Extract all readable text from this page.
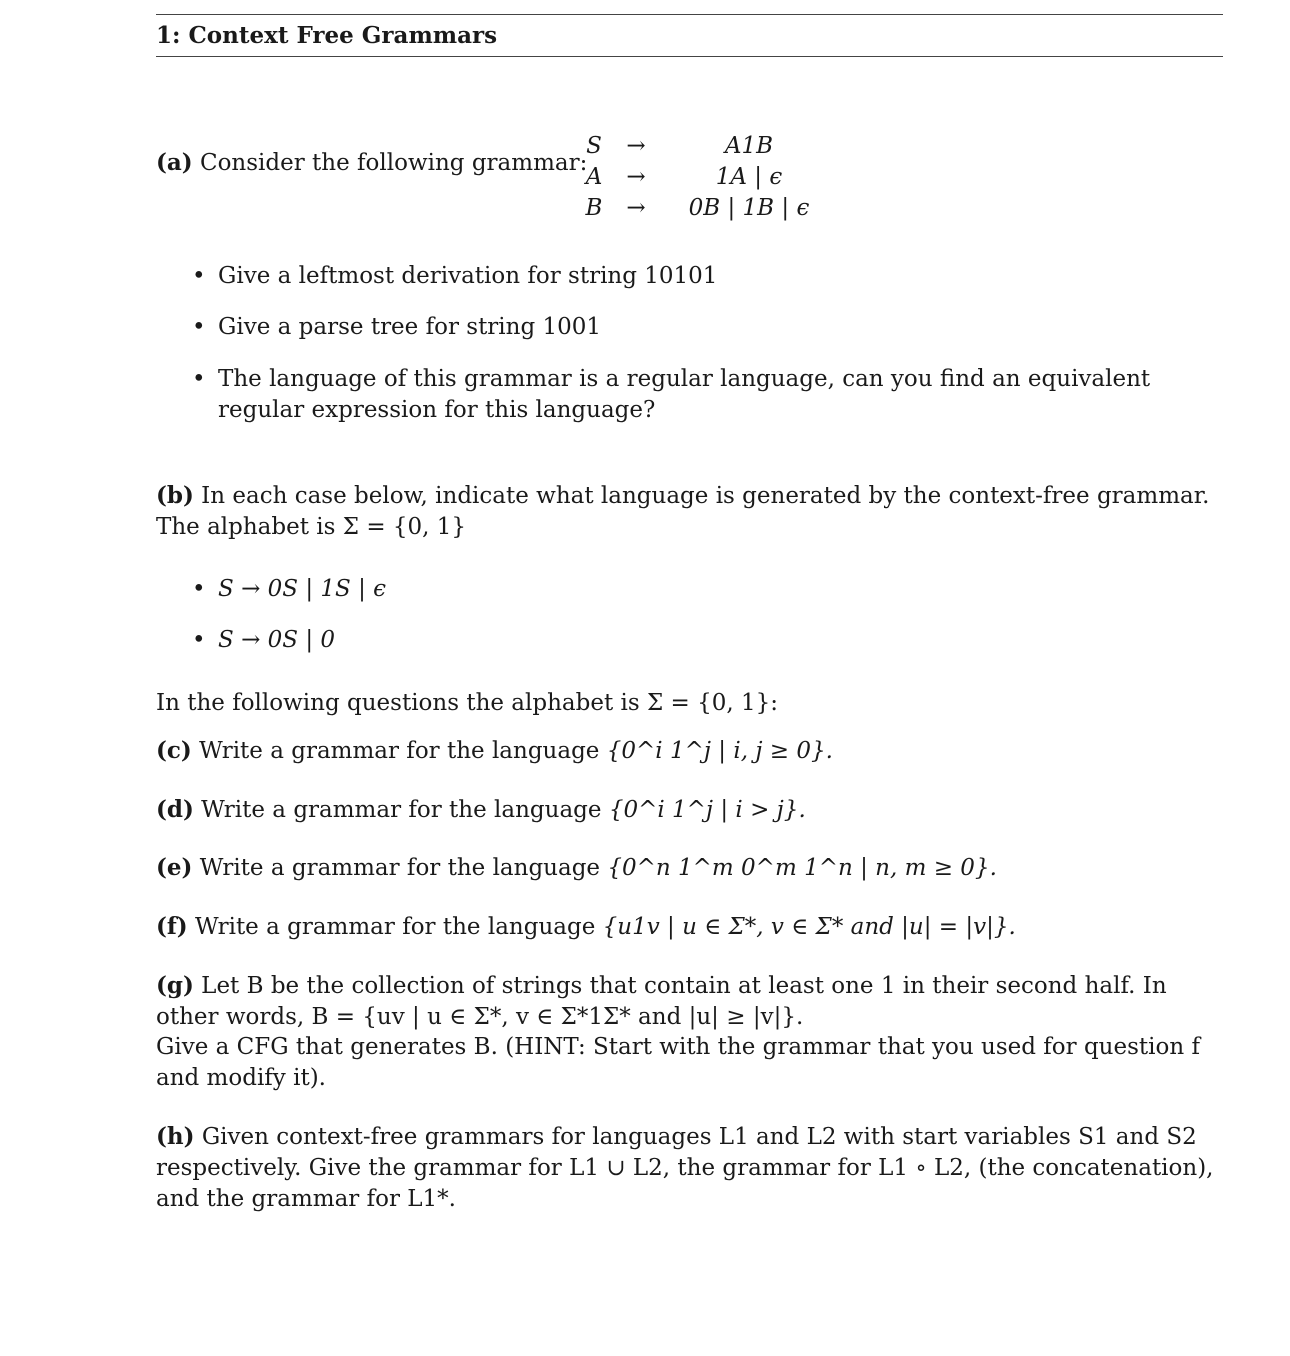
1: Context Free Grammars
(a) Consider the following grammar:
S	→	A1B
A	→	1A | ϵ
B	→	0B | 1B | ϵ
• Give a leftmost derivation for string 10101
• Give a parse tree for string 1001
• The language of this grammar is a regular language, can you find an equivalent regular expression for this language?
(b) In each case below, indicate what language is generated by the context-free grammar. The alphabet is Σ = {0, 1}
• S → 0S | 1S | ϵ
• S → 0S | 0
In the following questions the alphabet is Σ = {0, 1}:
(c) Write a grammar for the language {0^i 1^j | i, j ≥ 0}.
(d) Write a grammar for the language {0^i 1^j | i > j}.
(e) Write a grammar for the language {0^n 1^m 0^m 1^n | n, m ≥ 0}.
(f) Write a grammar for the language {u1v | u ∈ Σ*, v ∈ Σ* and |u| = |v|}.
(g) Let B be the collection of strings that contain at least one 1 in their second half. In other words, B = {uv | u ∈ Σ*, v ∈ Σ*1Σ* and |u| ≥ |v|}.
Give a CFG that generates B. (HINT: Start with the grammar that you used for question f and modify it).
(h) Given context-free grammars for languages L1 and L2 with start variables S1 and S2 respectively. Give the grammar for L1 ∪ L2, the grammar for L1 ∘ L2, (the concatenation), and the grammar for L1*.
